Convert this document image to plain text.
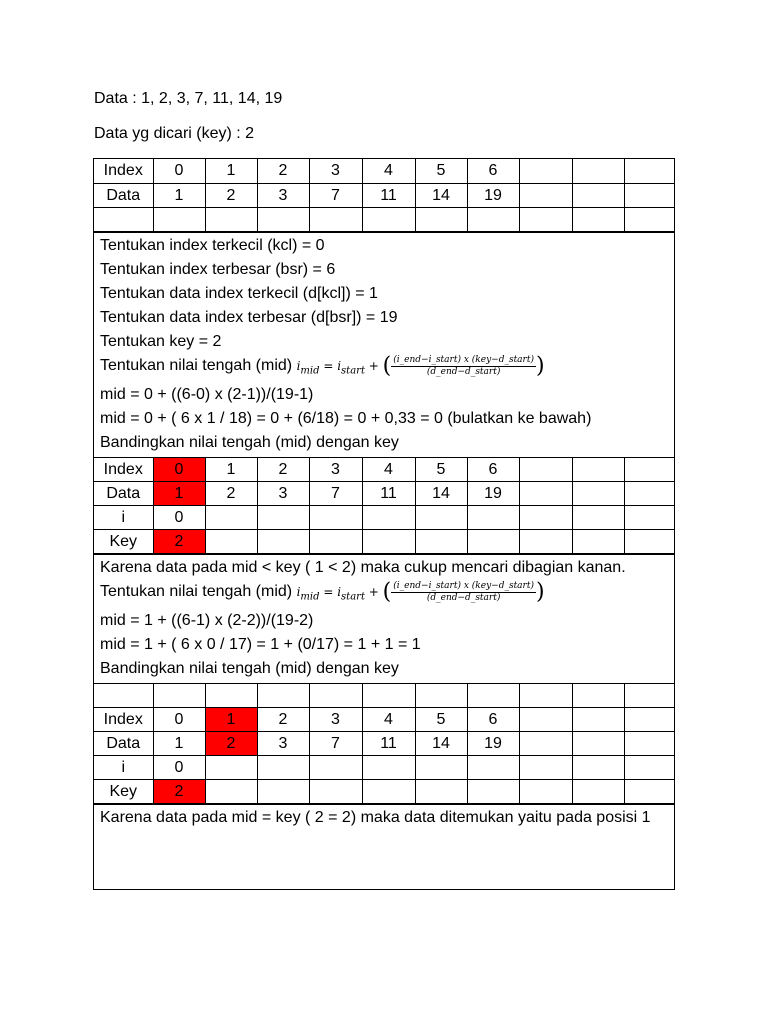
Data : 1, 2, 3, 7, 11, 14, 19
Data yg dicari (key) : 2
Index	0	1	2	3	4	5	6			
Data	1	2	3	7	11	14	19			

Tentukan index terkecil (kcl) = 0
Tentukan index terbesar (bsr) = 6
Tentukan data index terkecil (d[kcl]) = 1
Tentukan data index terbesar (d[bsr]) = 19
Tentukan key = 2
Tentukan nilai tengah (mid) $i_{mid} = i_{start}$ + ( $\frac{\text{(i\_end−i\_start) x (key−d\_start)}}{\text{(d\_end−d\_start)}}$ )
mid = 0 + ((6-0) x (2-1))/(19-1)
mid = 0 + ( 6 x 1 / 18) = 0 + (6/18) = 0 + 0,33 = 0 (bulatkan ke bawah)
Bandingkan nilai tengah (mid) dengan key
Index	0	1	2	3	4	5	6			
Data	1	2	3	7	11	14	19			
i	0									
Key	2									
Karena data pada mid < key ( 1 < 2) maka cukup mencari dibagian kanan.
Tentukan nilai tengah (mid) $i_{mid} = i_{start}$ + ( $\frac{\text{(i\_end−i\_start) x (key−d\_start)}}{\text{(d\_end−d\_start)}}$ )
mid = 1 + ((6-1) x (2-2))/(19-2)
mid = 1 + ( 6 x 0 / 17) = 1 + (0/17) = 1 + 1 = 1
Bandingkan nilai tengah (mid) dengan key

Index	0	1	2	3	4	5	6			
Data	1	2	3	7	11	14	19			
i	0									
Key	2									
Karena data pada mid = key ( 2 = 2) maka data ditemukan yaitu pada posisi 1
